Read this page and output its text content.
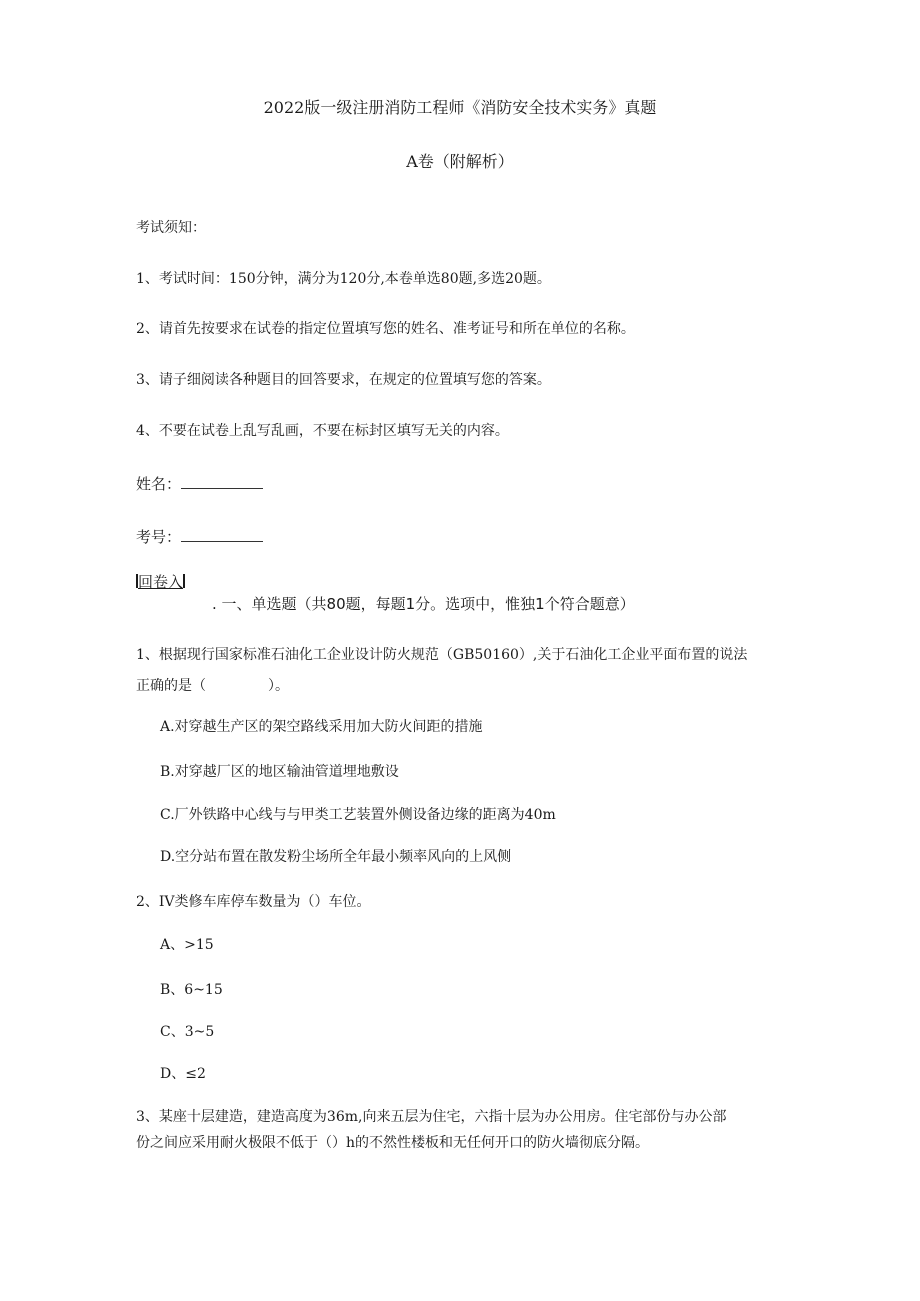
2022版一级注册消防工程师《消防安全技术实务》真题
A卷（附解析）
考试须知：
1、考试时间：150分钟，满分为120分,本卷单选80题,多选20题。
2、请首先按要求在试卷的指定位置填写您的姓名、准考证号和所在单位的名称。
3、请子细阅读各种题目的回答要求，在规定的位置填写您的答案。
4、不要在试卷上乱写乱画，不要在标封区填写无关的内容。
姓名：
考号：
回卷入
. 一、单选题（共80题，每题1分。选项中，惟独1个符合题意）
1、根据现行国家标准石油化工企业设计防火规范（GB50160）,关于石油化工企业平面布置的说法
正确的是（	）。
A.对穿越生产区的架空路线采用加大防火间距的措施
B.对穿越厂区的地区输油管道埋地敷设
C.厂外铁路中心线与与甲类工艺装置外侧设备边缘的距离为40m
D.空分站布置在散发粉尘场所全年最小频率风向的上风侧
2、IV类修车库停车数量为（）车位。
A、>15
B、6~15
C、3~5
D、≤2
3、某座十层建造，建造高度为36m,向来五层为住宅，六指十层为办公用房。住宅部份与办公部
份之间应采用耐火极限不低于（）h的不然性楼板和无任何开口的防火墙彻底分隔。
